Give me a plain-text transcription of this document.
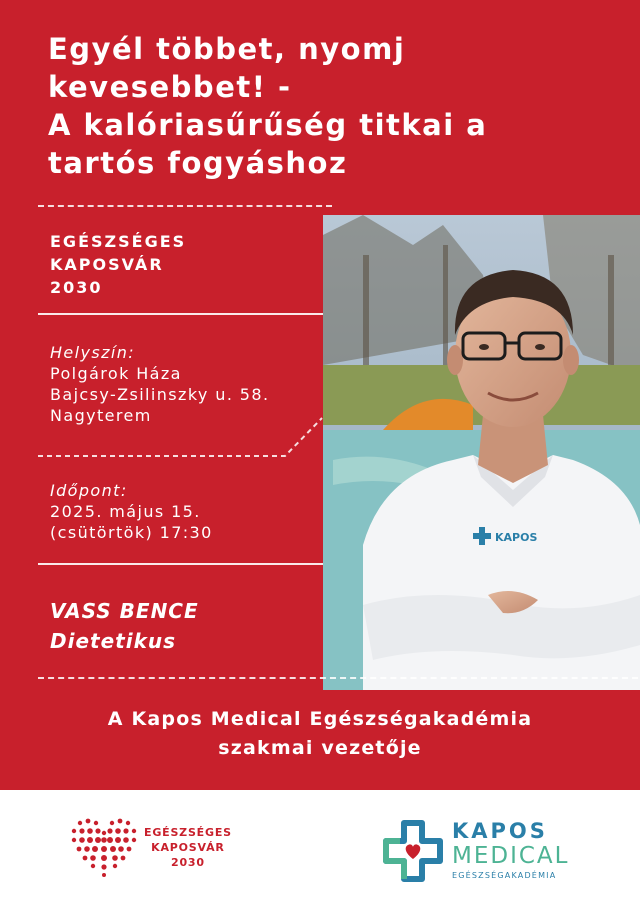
Egyél többet, nyomj
kevesebbet! -
A kalóriasűrűség titkai a
tartós fogyáshoz
KAPOS
EGÉSZSÉGES
KAPOSVÁR
2030
Helyszín:
Polgárok Háza
Bajcsy-Zsilinszky u. 58.
Nagyterem
Időpont:
2025. május 15.
(csütörtök) 17:30
VASS BENCE
Dietetikus
A Kapos Medical Egészségakadémia
szakmai vezetője
EGÉSZSÉGES
KAPOSVÁR
2030
KAPOS
MEDICAL
EGÉSZSÉGAKADÉMIA
